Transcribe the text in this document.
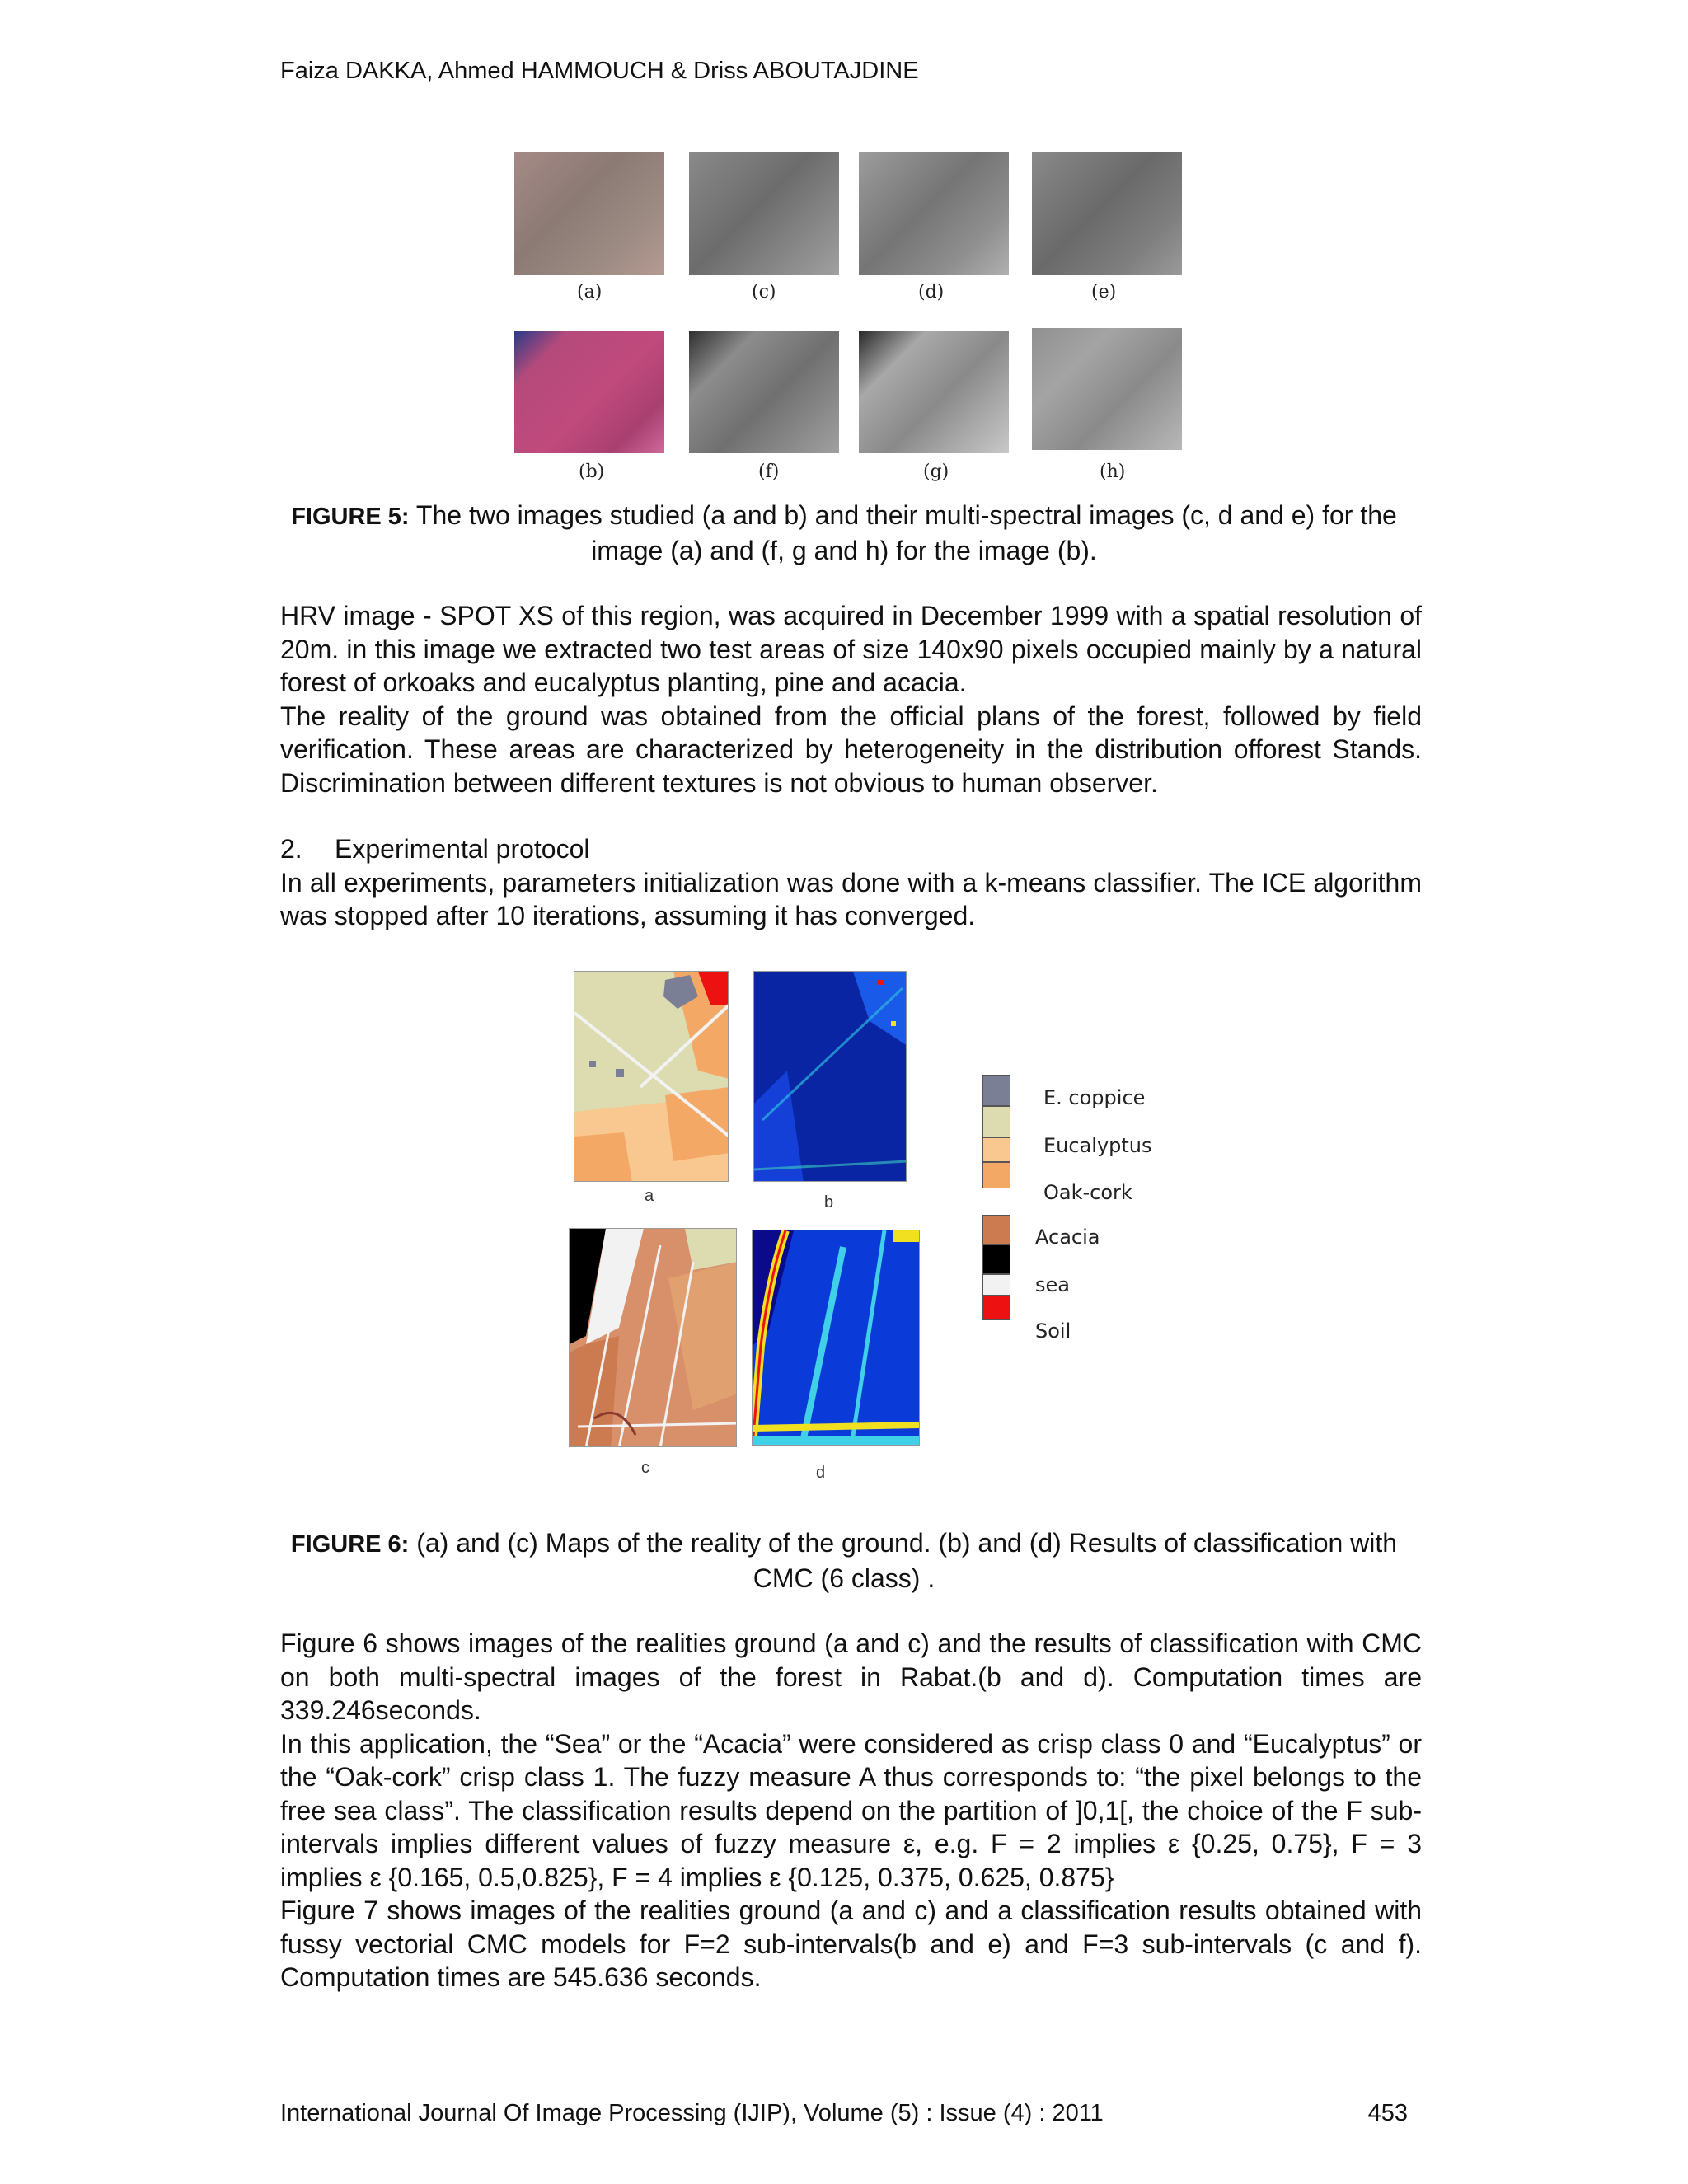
Faiza DAKKA, Ahmed HAMMOUCH & Driss ABOUTAJDINE
(a)	(c)	(d)	(e)
(b)	(f)	(g)	(h)
FIGURE 5: The two images studied (a and b) and their multi-spectral images (c, d and e) for the image (a) and (f, g and h) for the image (b).

HRV image - SPOT XS of this region, was acquired in December 1999 with a spatial resolution of 20m. in this image we extracted two test areas of size 140x90 pixels occupied mainly by a natural forest of orkoaks and eucalyptus planting, pine and acacia.

The reality of the ground was obtained from the official plans of the forest, followed by field verification. These areas are characterized by heterogeneity in the distribution offorest Stands. Discrimination between different textures is not obvious to human observer.

2. Experimental protocol

In all experiments, parameters initialization was done with a k-means classifier. The ICE algorithm was stopped after 10 iterations, assuming it has converged.

a	b
c	d
E. coppice
Eucalyptus
Oak-cork
Acacia
sea
Soil
FIGURE 6: (a) and (c) Maps of the reality of the ground. (b) and (d) Results of classification with CMC (6 class) .

Figure 6 shows images of the realities ground (a and c) and the results of classification with CMC on both multi-spectral images of the forest in Rabat.(b and d). Computation times are 339.246seconds.

In this application, the “Sea” or the “Acacia” were considered as crisp class 0 and “Eucalyptus” or the “Oak-cork” crisp class 1. The fuzzy measure A thus corresponds to: “the pixel belongs to the free sea class”. The classification results depend on the partition of ]0,1[, the choice of the F sub-intervals implies different values of fuzzy measure ε, e.g. F = 2 implies ε {0.25, 0.75}, F = 3 implies ε {0.165, 0.5,0.825}, F = 4 implies ε {0.125, 0.375, 0.625, 0.875}

Figure 7 shows images of the realities ground (a and c) and a classification results obtained with fussy vectorial CMC models for F=2 sub-intervals(b and e) and F=3 sub-intervals (c and f). Computation times are 545.636 seconds.

International Journal Of Image Processing (IJIP), Volume (5) : Issue (4) : 2011	453
